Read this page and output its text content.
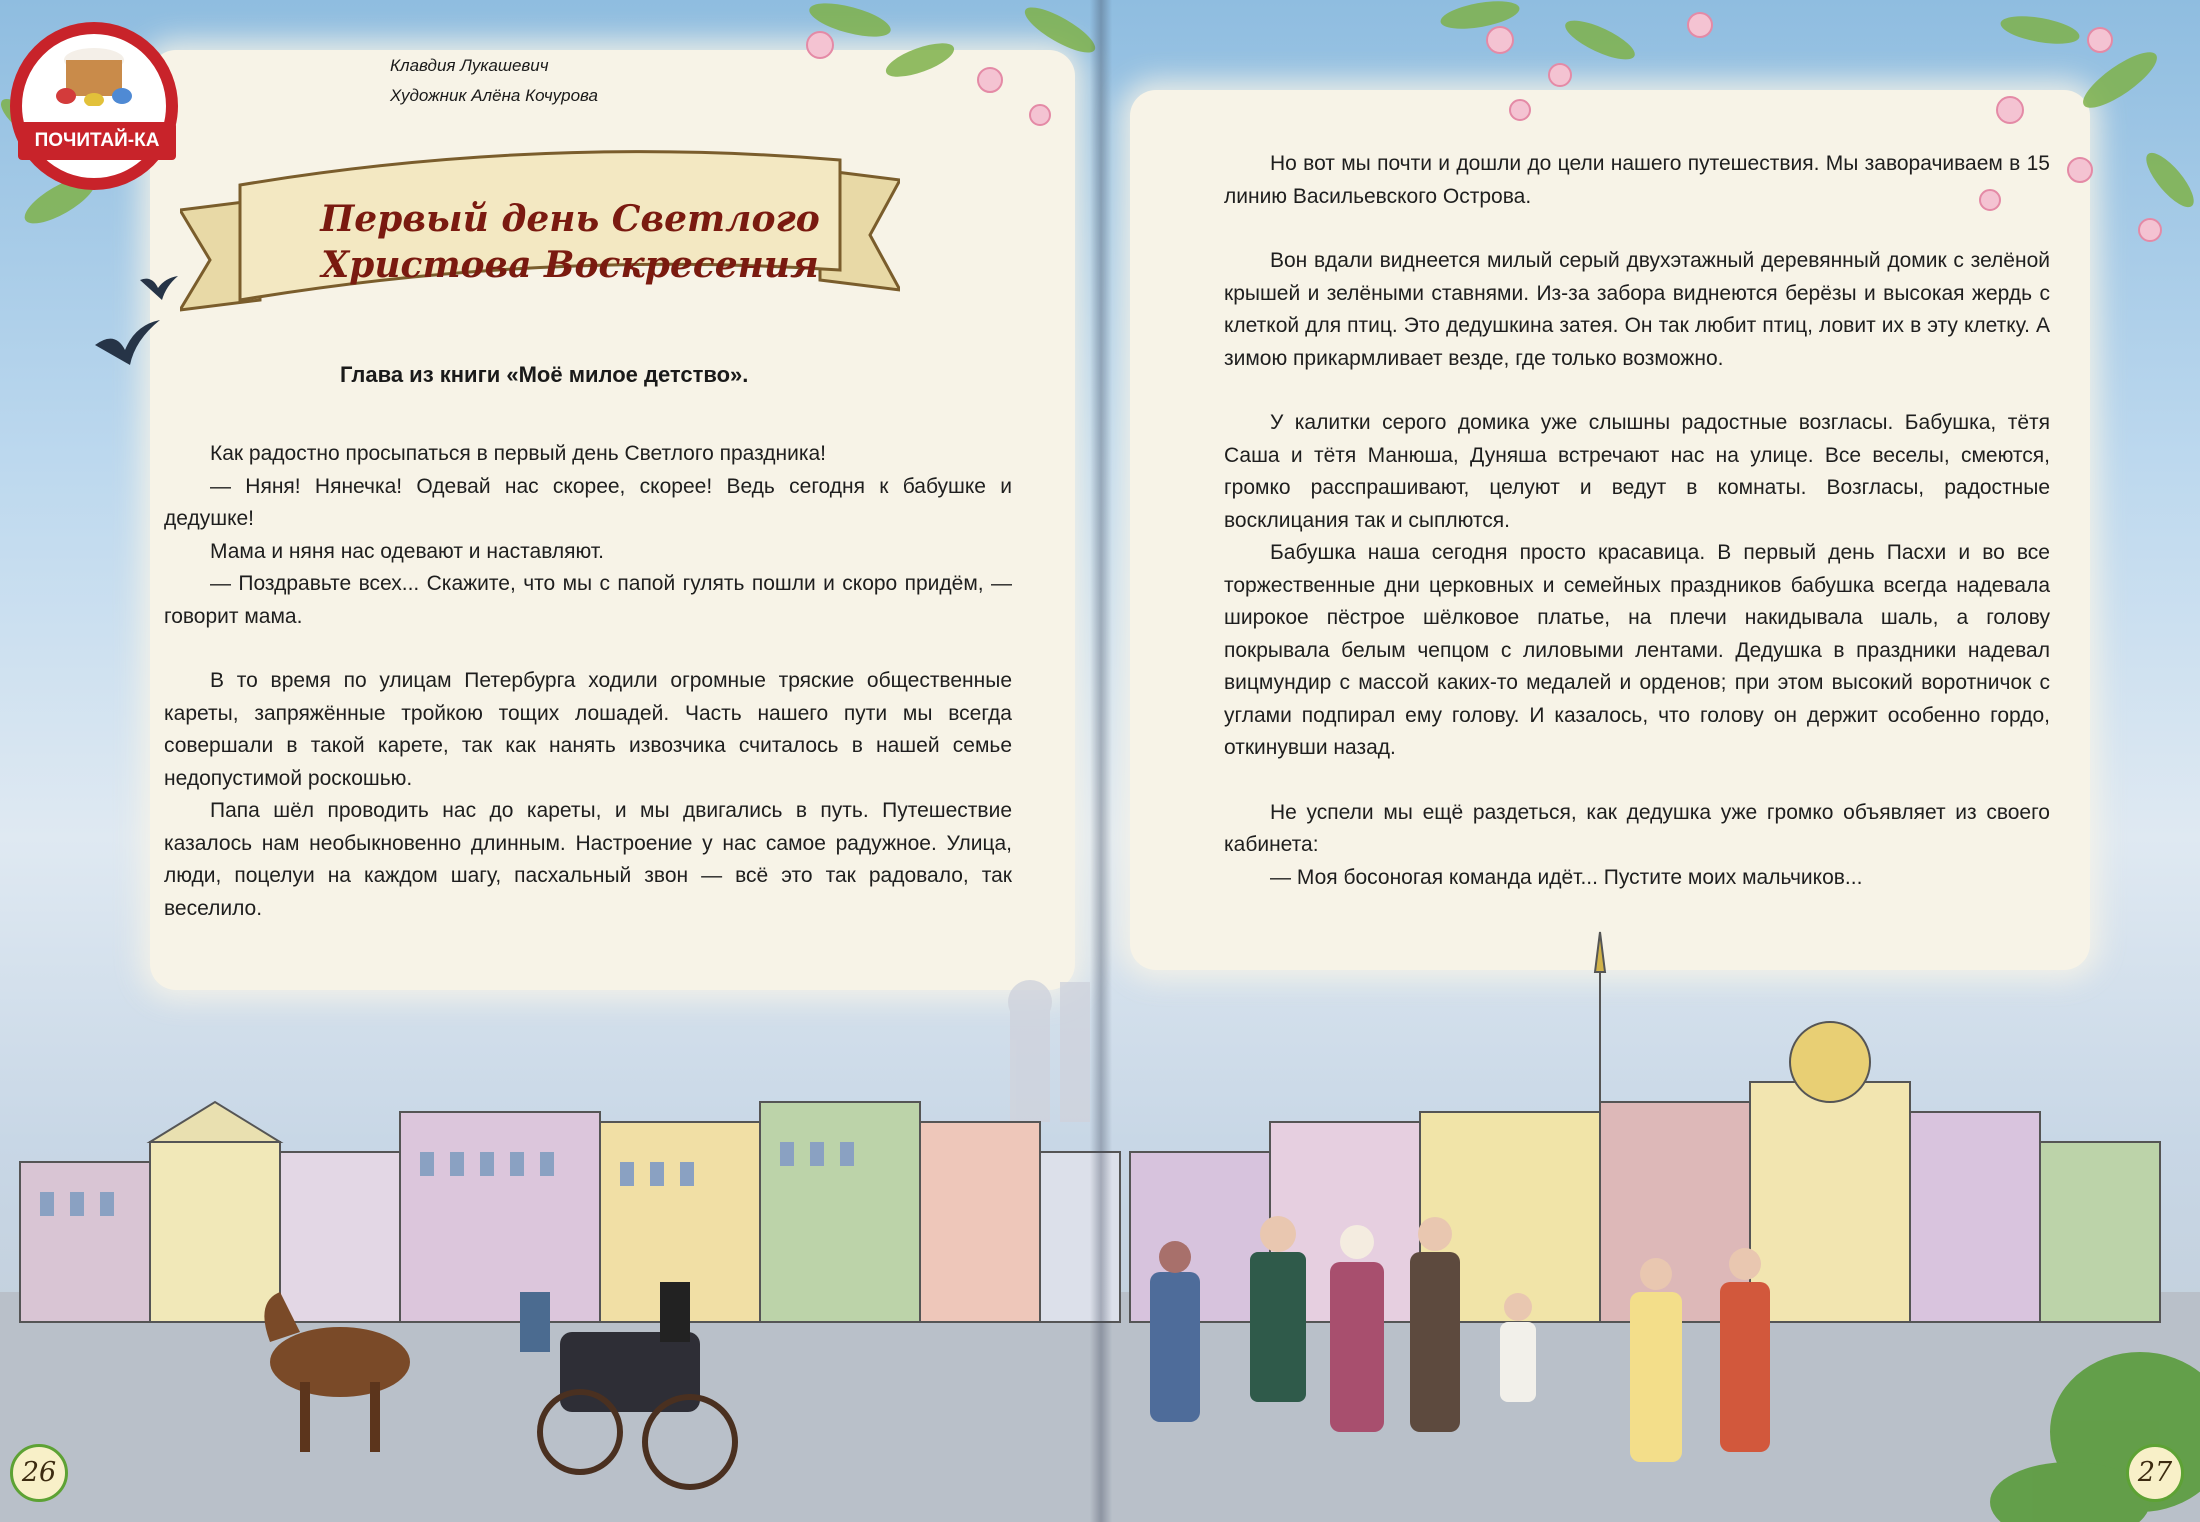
ПОЧИТАЙ-КА
Клавдия Лукашевич
Художник Алёна Кочурова
Первый день Светлого
Христова Воскресения
Глава из книги «Моё милое детство».

Как радостно просыпаться в первый день Светлого праздника!

— Няня! Нянечка! Одевай нас скорее, скорее! Ведь сегодня к бабушке и дедушке!

Мама и няня нас одевают и наставляют.

— Поздравьте всех... Скажите, что мы с папой гулять пошли и скоро придём, — говорит мама.

В то время по улицам Петербурга ходили огромные тряские общественные кареты, запряжённые тройкою тощих лошадей. Часть нашего пути мы всегда совершали в такой карете, так как нанять извозчика считалось в нашей семье недопустимой роскошью.

Папа шёл проводить нас до кареты, и мы двигались в путь. Путешествие казалось нам необыкновенно длинным. Настроение у нас самое радужное. Улица, люди, поцелуи на каждом шагу, пасхальный звон — всё это так радовало, так веселило.

Но вот мы почти и дошли до цели нашего путешествия. Мы заворачиваем в 15 линию Васильевского Острова.

Вон вдали виднеется милый серый двухэтажный деревянный домик с зелёной крышей и зелёными ставнями. Из-за забора виднеются берёзы и высокая жердь с клеткой для птиц. Это дедушкина затея. Он так любит птиц, ловит их в эту клетку. А зимою прикармливает везде, где только возможно.

У калитки серого домика уже слышны радостные возгласы. Бабушка, тётя Саша и тётя Манюша, Дуняша встречают нас на улице. Все веселы, смеются, громко расспрашивают, целуют и ведут в комнаты. Возгласы, радостные восклицания так и сыплются.

Бабушка наша сегодня просто красавица. В первый день Пасхи и во все торжественные дни церковных и семейных праздников бабушка всегда надевала широкое пёстрое шёлковое платье, на плечи накидывала шаль, а голову покрывала белым чепцом с лиловыми лентами. Дедушка в праздники надевал вицмундир с массой каких-то медалей и орденов; при этом высокий воротничок с углами подпирал ему голову. И казалось, что голову он держит особенно гордо, откинувши назад.

Не успели мы ещё раздеться, как дедушка уже громко объявляет из своего кабинета:

— Моя босоногая команда идёт... Пустите моих мальчиков...

26	27
